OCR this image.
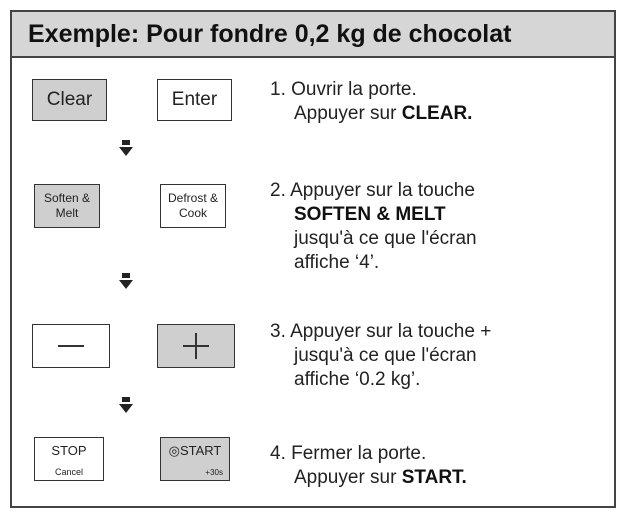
Exemple: Pour fondre 0,2 kg de chocolat
Clear	Enter	1. Ouvrir la porte.
Appuyer sur CLEAR.
Soften &
Melt
Defrost &
Cook
2. Appuyer sur la touche
SOFTEN & MELT
jusqu'à ce que l'écran
affiche ‘4’.
3. Appuyer sur la touche +
jusqu'à ce que l'écran
affiche ‘0.2 kg’.
STOP
Cancel
◎START
+30s
4. Fermer la porte.
Appuyer sur START.
